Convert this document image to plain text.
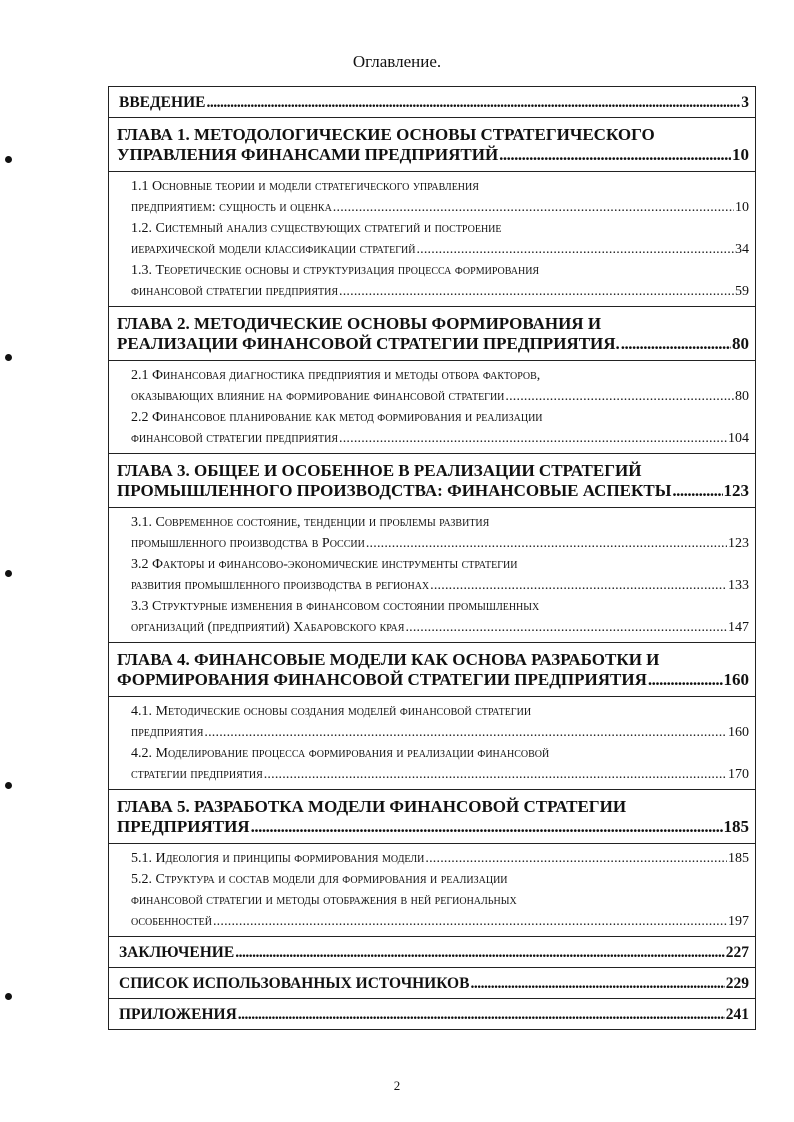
Оглавление.
ВВЕДЕНИЕ .....	3

ГЛАВА 1. МЕТОДОЛОГИЧЕСКИЕ ОСНОВЫ СТРАТЕГИЧЕСКОГО
УПРАВЛЕНИЯ ФИНАНСАМИ ПРЕДПРИЯТИЙ .....	10

1.1 Основные теории и модели стратегического управления
предприятием: сущность и оценка .....	10
1.2. Системный анализ существующих стратегий и построение
иерархической модели классификации стратегий .....	34
1.3. Теоретические основы и структуризация процесса формирования
финансовой стратегии предприятия .....	59

ГЛАВА 2. МЕТОДИЧЕСКИЕ ОСНОВЫ ФОРМИРОВАНИЯ И
РЕАЛИЗАЦИИ ФИНАНСОВОЙ СТРАТЕГИИ ПРЕДПРИЯТИЯ. .....	80

2.1 Финансовая диагностика предприятия и методы отбора факторов,
оказывающих влияние на формирование финансовой стратегии .....	80
2.2 Финансовое планирование как метод формирования и реализации
финансовой стратегии предприятия .....	104

ГЛАВА 3. ОБЩЕЕ И ОСОБЕННОЕ В РЕАЛИЗАЦИИ СТРАТЕГИЙ
ПРОМЫШЛЕННОГО ПРОИЗВОДСТВА: ФИНАНСОВЫЕ АСПЕКТЫ .....	123

3.1. Современное состояние, тенденции и проблемы развития
промышленного производства в России .....	123
3.2 Факторы и финансово-экономические инструменты стратегии
развития промышленного производства в регионах .....	133
3.3 Структурные изменения в финансовом состоянии промышленных
организаций (предприятий) Хабаровского края .....	147

ГЛАВА 4. ФИНАНСОВЫЕ МОДЕЛИ КАК ОСНОВА РАЗРАБОТКИ И
ФОРМИРОВАНИЯ ФИНАНСОВОЙ СТРАТЕГИИ ПРЕДПРИЯТИЯ .....	160

4.1. Методические основы создания моделей финансовой стратегии
предприятия .....	160
4.2. Моделирование процесса формирования и реализации финансовой
стратегии предприятия .....	170

ГЛАВА 5. РАЗРАБОТКА МОДЕЛИ ФИНАНСОВОЙ СТРАТЕГИИ
ПРЕДПРИЯТИЯ .....	185

5.1. Идеология и принципы формирования модели .....	185
5.2. Структура и состав модели для формирования и реализации
финансовой стратегии и методы отображения в ней региональных
особенностей .....	197

ЗАКЛЮЧЕНИЕ .....	227

СПИСОК ИСПОЛЬЗОВАННЫХ ИСТОЧНИКОВ .....	229

ПРИЛОЖЕНИЯ .....	241
2
